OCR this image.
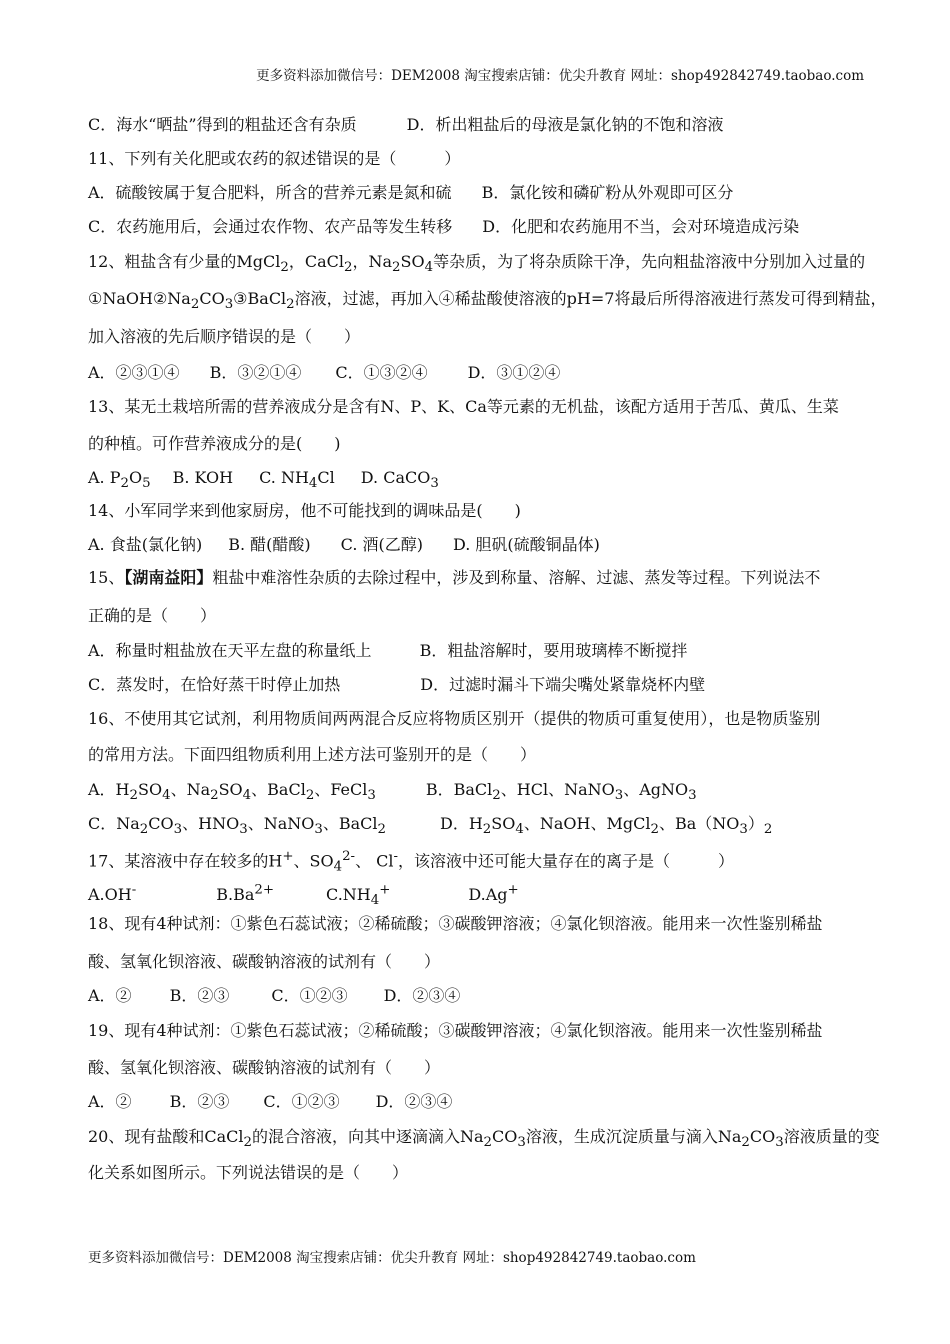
更多资料添加微信号：DEM2008 淘宝搜索店铺：优尖升教育 网址：shop492842749.taobao.com
C．海水“晒盐”得到的粗盐还含有杂质	D．析出粗盐后的母液是氯化钠的不饱和溶液
11、下列有关化肥或农药的叙述错误的是（　　　）
A．硫酸铵属于复合肥料，所含的营养元素是氮和硫 B．氯化铵和磷矿粉从外观即可区分
C．农药施用后，会通过农作物、农产品等发生转移 D．化肥和农药施用不当，会对环境造成污染
12、粗盐含有少量的MgCl$_2$，CaCl$_2$，$Na_2SO_4$等杂质，为了将杂质除干净，先向粗盐溶液中分别加入过量的
$①NaOH②Na_2CO_3③BaCl_2$溶液，过滤，再加入④稀盐酸使溶液的pH=7将最后所得溶液进行蒸发可得到精盐，
加入溶液的先后顺序错误的是（　　）
A．②③①④ B．③②①④ C．①③②④	D．③①②④
13、某无土栽培所需的营养液成分是含有N、P、K、Ca等元素的无机盐，该配方适用于苦瓜、黄瓜、生菜
的种植。可作营养液成分的是(　　)
A. $P_2O_5$ B. KOH C. $NH_4Cl$ D. CaCO$_3$
14、小军同学来到他家厨房，他不可能找到的调味品是(　　)
A. 食盐(氯化钠) B. 醋(醋酸) C. 酒(乙醇) D. 胆矾(硫酸铜晶体)
15、【湖南益阳】粗盐中难溶性杂质的去除过程中，涉及到称量、溶解、过滤、蒸发等过程。下列说法不
正确的是（　　）
A．称量时粗盐放在天平左盘的称量纸上	B．粗盐溶解时，要用玻璃棒不断搅拌
C．蒸发时，在恰好蒸干时停止加热	D．过滤时漏斗下端尖嘴处紧靠烧杯内壁
16、不使用其它试剂，利用物质间两两混合反应将物质区别开（提供的物质可重复使用），也是物质鉴别
的常用方法。下面四组物质利用上述方法可鉴别开的是（　　）
A．$H_2SO_4$、$Na_2SO_4$、BaCl$_2$、FeCl$_3$	B．BaCl$_2$、HCl、NaNO$_3$、AgNO$_3$
C．$Na_2CO_3$、$HNO_3$、NaNO$_3$、BaCl$_2$	D．$H_2SO_4$、NaOH、MgCl$_2$、$Ba(NO_3)_2$
17、某溶液中存在较多的H+、$SO_4^{2-}$、 Cl-，该溶液中还可能大量存在的离子是（　　　）
A.OH-	$B.Ba^{2+}$	$C.NH_4^+$	D.Ag+
18、现有4种试剂：①紫色石蕊试液；②稀硫酸；③碳酸钾溶液；④氯化钡溶液。能用来一次性鉴别稀盐
酸、氢氧化钡溶液、碳酸钠溶液的试剂有（　　）
A．② B．②③	C．①②③ D．②③④
19、现有4种试剂：①紫色石蕊试液；②稀硫酸；③碳酸钾溶液；④氯化钡溶液。能用来一次性鉴别稀盐
酸、氢氧化钡溶液、碳酸钠溶液的试剂有（　　）
A．② B．②③ C．①②③ D．②③④
20、现有盐酸和CaCl$_2$的混合溶液，向其中逐滴滴入$Na_2CO_3$溶液，生成沉淀质量与滴入$Na_2CO_3$溶液质量的变
化关系如图所示。下列说法错误的是（　　）
更多资料添加微信号：DEM2008 淘宝搜索店铺：优尖升教育 网址：shop492842749.taobao.com
